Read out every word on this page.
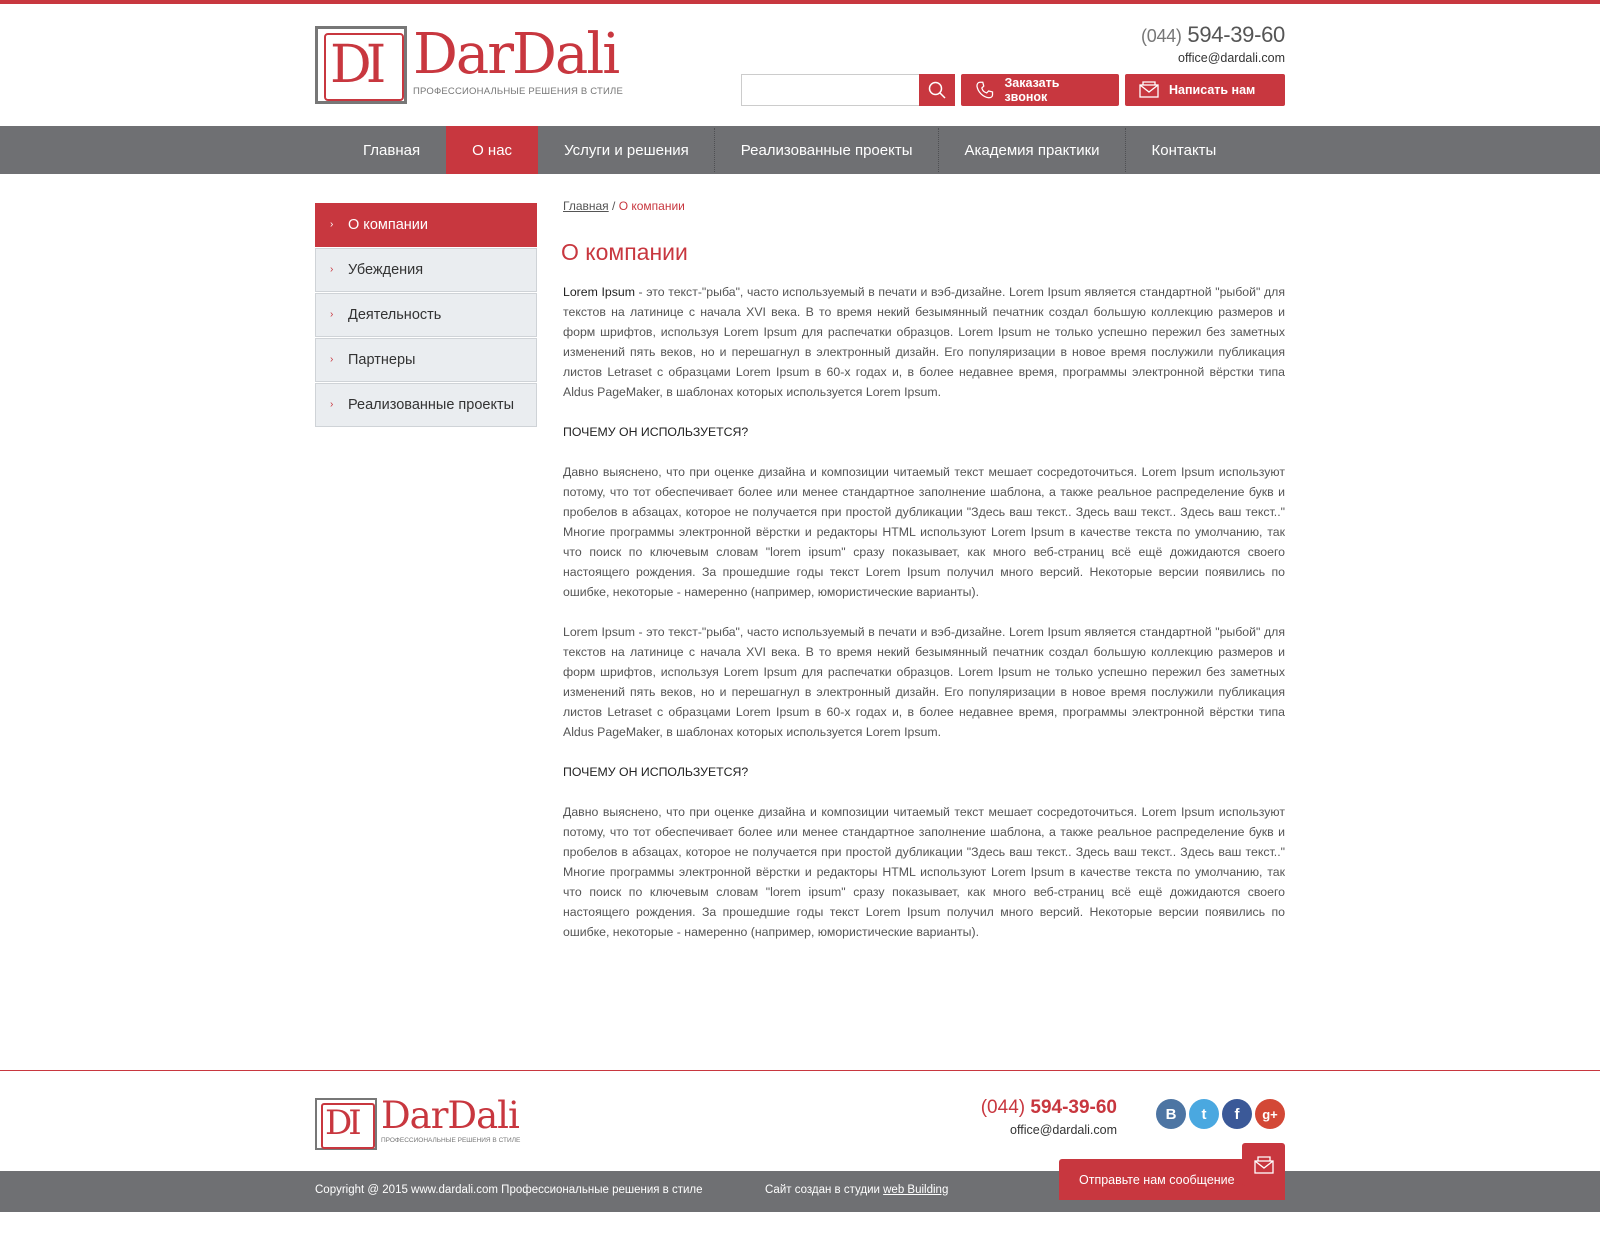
DI DarDali
ПРОФЕССИОНАЛЬНЫЕ РЕШЕНИЯ В СТИЛЕ
(044) 594-39-60
office@dardali.com
Заказать звонок	Написать нам
Главная	О нас	Услуги и решения	Реализованные проекты	Академия практики	Контакты
› О компании
› Убеждения
› Деятельность
› Партнеры
› Реализованные проекты
Главная / О компании
О компании

Lorem Ipsum - это текст-"рыба", часто используемый в печати и вэб-дизайне. Lorem Ipsum является стандартной "рыбой" для текстов на латинице с начала XVI века. В то время некий безымянный печатник создал большую коллекцию размеров и форм шрифтов, используя Lorem Ipsum для распечатки образцов. Lorem Ipsum не только успешно пережил без заметных изменений пять веков, но и перешагнул в электронный дизайн. Его популяризации в новое время послужили публикация листов Letraset с образцами Lorem Ipsum в 60-х годах и, в более недавнее время, программы электронной вёрстки типа Aldus PageMaker, в шаблонах которых используется Lorem Ipsum.

ПОЧЕМУ ОН ИСПОЛЬЗУЕТСЯ?

Давно выяснено, что при оценке дизайна и композиции читаемый текст мешает сосредоточиться. Lorem Ipsum используют потому, что тот обеспечивает более или менее стандартное заполнение шаблона, а также реальное распределение букв и пробелов в абзацах, которое не получается при простой дубликации "Здесь ваш текст.. Здесь ваш текст.. Здесь ваш текст.." Многие программы электронной вёрстки и редакторы HTML используют Lorem Ipsum в качестве текста по умолчанию, так что поиск по ключевым словам "lorem ipsum" сразу показывает, как много веб-страниц всё ещё дожидаются своего настоящего рождения. За прошедшие годы текст Lorem Ipsum получил много версий. Некоторые версии появились по ошибке, некоторые - намеренно (например, юмористические варианты).

Lorem Ipsum - это текст-"рыба", часто используемый в печати и вэб-дизайне. Lorem Ipsum является стандартной "рыбой" для текстов на латинице с начала XVI века. В то время некий безымянный печатник создал большую коллекцию размеров и форм шрифтов, используя Lorem Ipsum для распечатки образцов. Lorem Ipsum не только успешно пережил без заметных изменений пять веков, но и перешагнул в электронный дизайн. Его популяризации в новое время послужили публикация листов Letraset с образцами Lorem Ipsum в 60-х годах и, в более недавнее время, программы электронной вёрстки типа Aldus PageMaker, в шаблонах которых используется Lorem Ipsum.

ПОЧЕМУ ОН ИСПОЛЬЗУЕТСЯ?

Давно выяснено, что при оценке дизайна и композиции читаемый текст мешает сосредоточиться. Lorem Ipsum используют потому, что тот обеспечивает более или менее стандартное заполнение шаблона, а также реальное распределение букв и пробелов в абзацах, которое не получается при простой дубликации "Здесь ваш текст.. Здесь ваш текст.. Здесь ваш текст.." Многие программы электронной вёрстки и редакторы HTML используют Lorem Ipsum в качестве текста по умолчанию, так что поиск по ключевым словам "lorem ipsum" сразу показывает, как много веб-страниц всё ещё дожидаются своего настоящего рождения. За прошедшие годы текст Lorem Ipsum получил много версий. Некоторые версии появились по ошибке, некоторые - намеренно (например, юмористические варианты).

DI DarDali
ПРОФЕССИОНАЛЬНЫЕ РЕШЕНИЯ В СТИЛЕ
(044) 594-39-60
office@dardali.com
B	t	f	g+
Copyright @ 2015 www.dardali.com Профессиональные решения в стиле	Сайт создан в студии web Building
Отправьте нам сообщение
